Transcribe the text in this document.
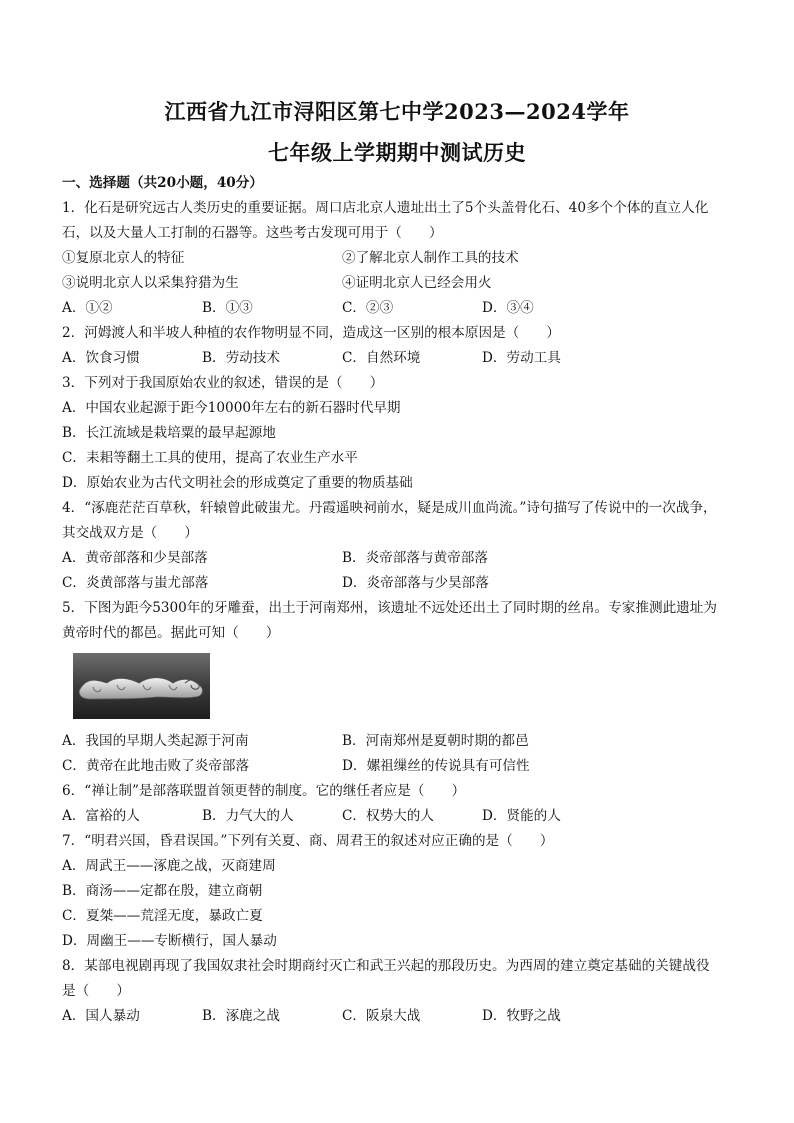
江西省九江市浔阳区第七中学2023—2024学年
七年级上学期期中测试历史
一、选择题（共20小题，40分）
1．化石是研究远古人类历史的重要证据。周口店北京人遗址出土了5个头盖骨化石、40多个个体的直立人化
石，以及大量人工打制的石器等。这些考古发现可用于（　　）
①复原北京人的特征	②了解北京人制作工具的技术
③说明北京人以采集狩猎为生	④证明北京人已经会用火
A．①②	B．①③	C．②③	D．③④
2．河姆渡人和半坡人种植的农作物明显不同，造成这一区别的根本原因是（　　）
A．饮食习惯	B．劳动技术	C．自然环境	D．劳动工具
3．下列对于我国原始农业的叙述，错误的是（　　）
A．中国农业起源于距今10000年左右的新石器时代早期
B．长江流域是栽培粟的最早起源地
C．耒耜等翻土工具的使用，提高了农业生产水平
D．原始农业为古代文明社会的形成奠定了重要的物质基础
4．“涿鹿茫茫百草秋，轩辕曾此破蚩尤。丹霞遥映祠前水，疑是成川血尚流。”诗句描写了传说中的一次战争，
其交战双方是（　　）
A．黄帝部落和少昊部落	B．炎帝部落与黄帝部落
C．炎黄部落与蚩尤部落	D．炎帝部落与少昊部落
5．下图为距今5300年的牙雕蚕，出土于河南郑州，该遗址不远处还出土了同时期的丝帛。专家推测此遗址为
黄帝时代的都邑。据此可知（　　）
A．我国的早期人类起源于河南	B．河南郑州是夏朝时期的都邑
C．黄帝在此地击败了炎帝部落	D．嫘祖缫丝的传说具有可信性
6．“禅让制”是部落联盟首领更替的制度。它的继任者应是（　　）
A．富裕的人	B．力气大的人	C．权势大的人	D．贤能的人
7．“明君兴国，昏君误国。”下列有关夏、商、周君王的叙述对应正确的是（　　）
A．周武王——涿鹿之战，灭商建周
B．商汤——定都在殷，建立商朝
C．夏桀——荒淫无度，暴政亡夏
D．周幽王——专断横行，国人暴动
8．某部电视剧再现了我国奴隶社会时期商纣灭亡和武王兴起的那段历史。为西周的建立奠定基础的关键战役
是（　　）
A．国人暴动	B．涿鹿之战	C．阪泉大战	D．牧野之战
